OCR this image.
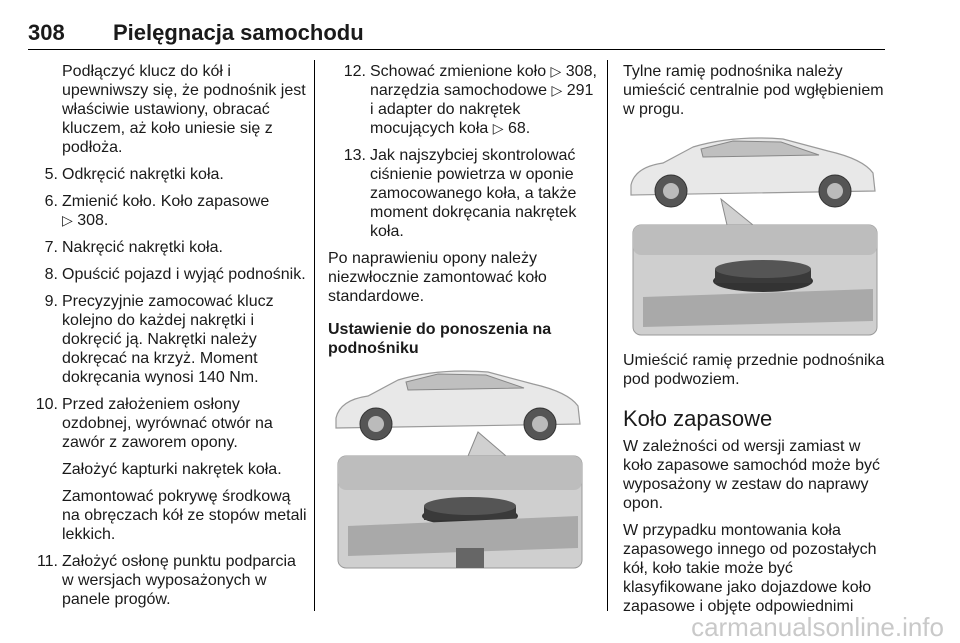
308 Pielęgnacja samochodu
Podłączyć klucz do kół i upewniwszy się, że podnośnik jest właściwie ustawiony, obracać kluczem, aż koło uniesie się z podłoża.
5. Odkręcić nakrętki koła.
6. Zmienić koło. Koło zapasowe
▷ 308.
7. Nakręcić nakrętki koła.
8. Opuścić pojazd i wyjąć podnośnik.
9. Precyzyjnie zamocować klucz kolejno do każdej nakrętki i dokręcić ją. Nakrętki należy dokręcać na krzyż. Moment dokręcania wynosi 140 Nm.
10. Przed założeniem osłony ozdobnej, wyrównać otwór na zawór z zaworem opony.
Założyć kapturki nakrętek koła.
Zamontować pokrywę środkową na obręczach kół ze stopów metali lekkich.
11. Założyć osłonę punktu podparcia w wersjach wyposażonych w panele progów.
12. Schować zmienione koło ▷ 308, narzędzia samochodowe ▷ 291 i adapter do nakrętek mocujących koła ▷ 68.
13. Jak najszybciej skontrolować ciśnienie powietrza w oponie zamocowanego koła, a także moment dokręcania nakrętek koła.
Po naprawieniu opony należy niezwłocznie zamontować koło standardowe.
Ustawienie do ponoszenia na podnośniku
Tylne ramię podnośnika należy umieścić centralnie pod wgłębieniem w progu.
Umieścić ramię przednie podnośnika pod podwoziem.
Koło zapasowe
W zależności od wersji zamiast w koło zapasowe samochód może być wyposażony w zestaw do naprawy opon.
W przypadku montowania koła zapasowego innego od pozostałych kół, koło takie może być klasyfikowane jako dojazdowe koło zapasowe i objęte odpowiednimi
carmanualsonline.info
